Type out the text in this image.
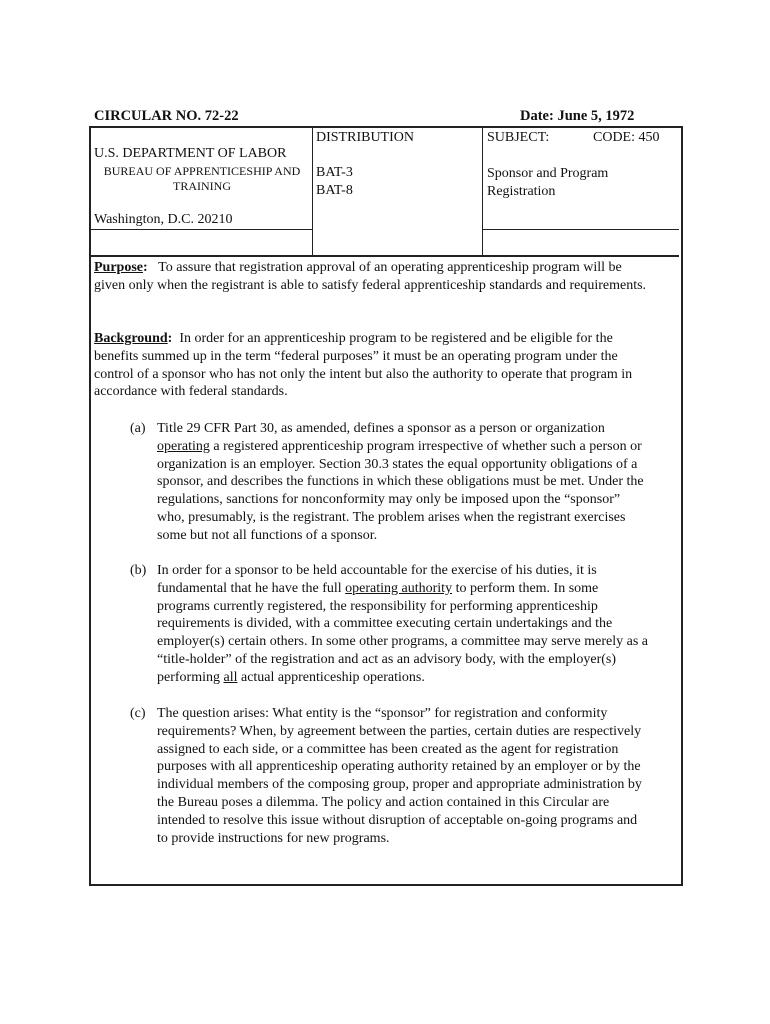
CIRCULAR NO. 72-22	Date: June 5, 1972
U.S. DEPARTMENT OF LABOR
BUREAU OF APPRENTICESHIP AND
TRAINING
Washington, D.C. 20210
DISTRIBUTION
BAT-3
BAT-8
SUBJECT:	CODE: 450
Sponsor and Program
Registration
Purpose: To assure that registration approval of an operating apprenticeship program will be given only when the registrant is able to satisfy federal apprenticeship standards and requirements.
Background: In order for an apprenticeship program to be registered and be eligible for the benefits summed up in the term “federal purposes” it must be an operating program under the control of a sponsor who has not only the intent but also the authority to operate that program in accordance with federal standards.
(a) Title 29 CFR Part 30, as amended, defines a sponsor as a person or organization operating a registered apprenticeship program irrespective of whether such a person or organization is an employer. Section 30.3 states the equal opportunity obligations of a sponsor, and describes the functions in which these obligations must be met. Under the regulations, sanctions for nonconformity may only be imposed upon the “sponsor” who, presumably, is the registrant. The problem arises when the registrant exercises some but not all functions of a sponsor.
(b) In order for a sponsor to be held accountable for the exercise of his duties, it is fundamental that he have the full operating authority to perform them. In some programs currently registered, the responsibility for performing apprenticeship requirements is divided, with a committee executing certain undertakings and the employer(s) certain others. In some other programs, a committee may serve merely as a “title-holder” of the registration and act as an advisory body, with the employer(s) performing all actual apprenticeship operations.
(c) The question arises: What entity is the “sponsor” for registration and conformity requirements? When, by agreement between the parties, certain duties are respectively assigned to each side, or a committee has been created as the agent for registration purposes with all apprenticeship operating authority retained by an employer or by the individual members of the composing group, proper and appropriate administration by the Bureau poses a dilemma. The policy and action contained in this Circular are intended to resolve this issue without disruption of acceptable on-going programs and to provide instructions for new programs.
